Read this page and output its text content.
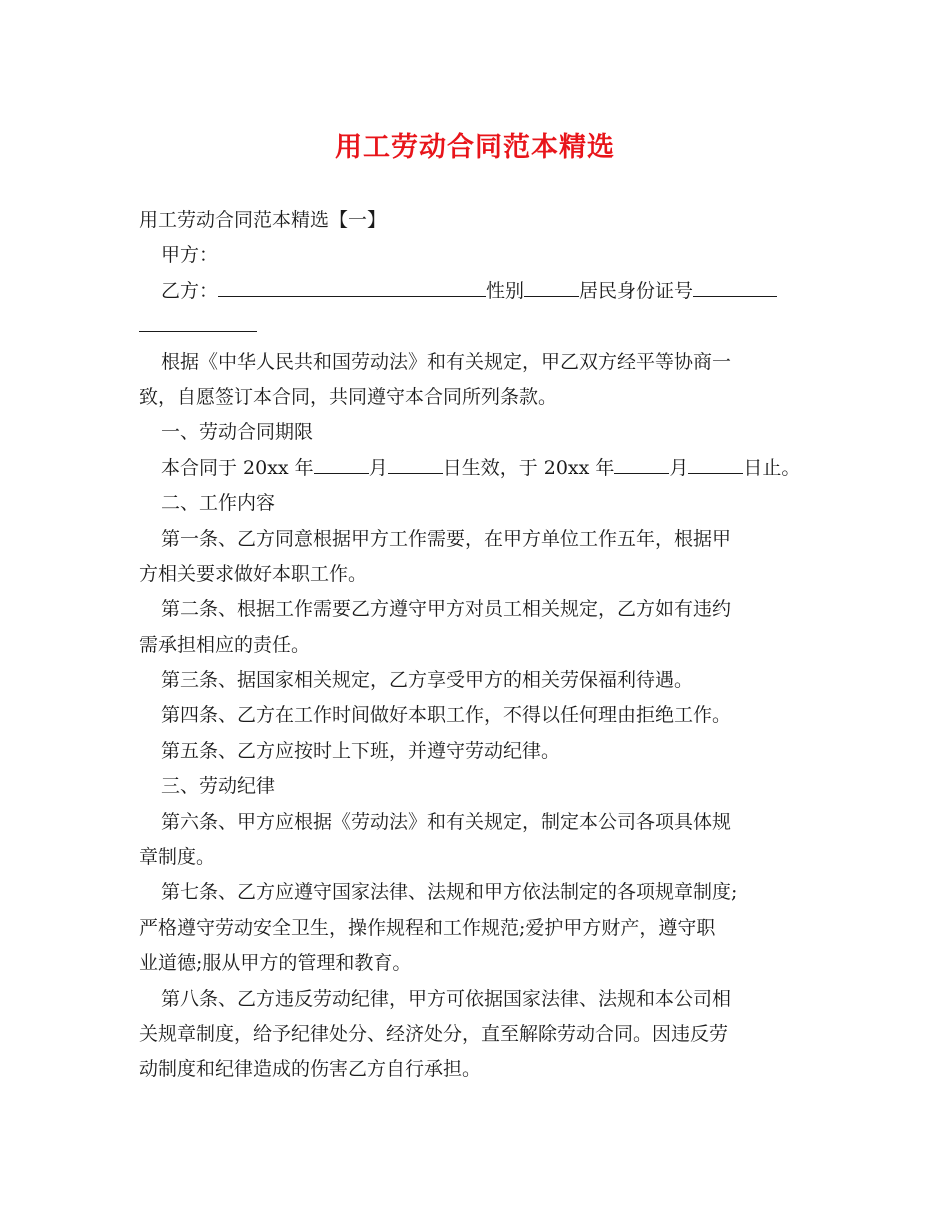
用工劳动合同范本精选
用工劳动合同范本精选【一】
甲方：
乙方：	性别	居民身份证号
根据《中华人民共和国劳动法》和有关规定，甲乙双方经平等协商一
致，自愿签订本合同，共同遵守本合同所列条款。
一、劳动合同期限
本合同于 20xx 年	月	日生效，于 20xx 年	月	日止。
二、工作内容
第一条、乙方同意根据甲方工作需要，在甲方单位工作五年，根据甲
方相关要求做好本职工作。
第二条、根据工作需要乙方遵守甲方对员工相关规定，乙方如有违约
需承担相应的责任。
第三条、据国家相关规定，乙方享受甲方的相关劳保福利待遇。
第四条、乙方在工作时间做好本职工作，不得以任何理由拒绝工作。
第五条、乙方应按时上下班，并遵守劳动纪律。
三、劳动纪律
第六条、甲方应根据《劳动法》和有关规定，制定本公司各项具体规
章制度。
第七条、乙方应遵守国家法律、法规和甲方依法制定的各项规章制度;
严格遵守劳动安全卫生，操作规程和工作规范;爱护甲方财产，遵守职
业道德;服从甲方的管理和教育。
第八条、乙方违反劳动纪律，甲方可依据国家法律、法规和本公司相
关规章制度，给予纪律处分、经济处分，直至解除劳动合同。因违反劳
动制度和纪律造成的伤害乙方自行承担。
